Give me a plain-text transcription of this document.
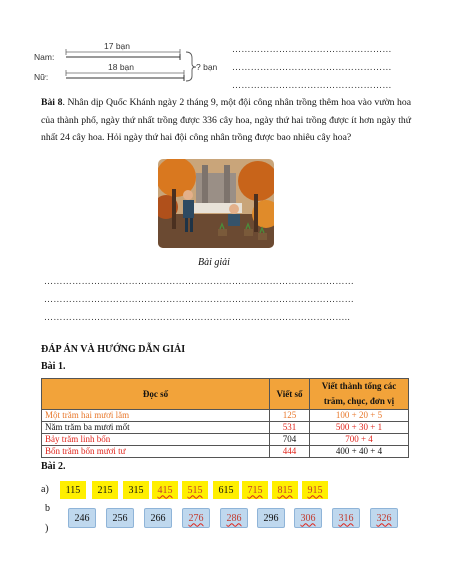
Nam:
Nữ:
17 bạn
18 bạn	? bạn
……………………………………………
……………………………………………
……………………………………………
Bài 8. Nhân dịp Quốc Khánh ngày 2 tháng 9, một đội công nhân trồng thêm hoa vào vườn hoa của thành phố, ngày thứ nhất trồng được 336 cây hoa, ngày thứ hai trồng được ít hơn ngày thứ nhất 24 cây hoa. Hỏi ngày thứ hai đội công nhân trồng được bao nhiêu cây hoa?
Bài giải
………………………………………………………………………………………
………………………………………………………………………………………
……………………………………………………………………………………..
ĐÁP ÁN VÀ HƯỚNG DẪN GIẢI
Bài 1.
Đọc số	Viết số	Viết thành tổng các trăm, chục, đơn vị
Một trăm hai mươi lăm	125	100 + 20 + 5
Năm trăm ba mươi mốt	531	500 + 30 + 1
Bảy trăm linh bốn	704	700 + 4
Bốn trăm bốn mươi tư	444	400 + 40 + 4
Bài 2.
a)	115	215	315	415	515	615	715	815	915
b
)
246	256	266	276	286	296	306	316	326
